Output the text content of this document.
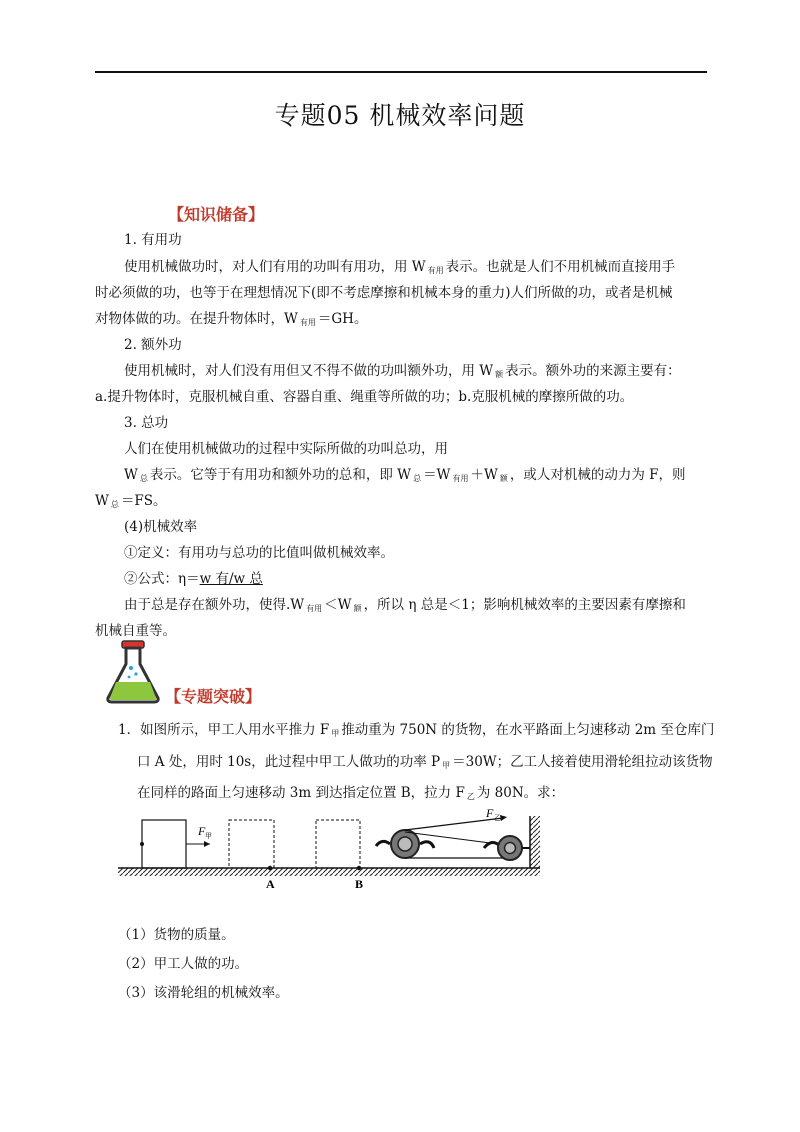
专题05 机械效率问题
【知识储备】
1. 有用功
使用机械做功时，对人们有用的功叫有用功，用 W $_{有用}$ 表示。也就是人们不用机械而直接用手
时必须做的功，也等于在理想情况下(即不考虑摩擦和机械本身的重力)人们所做的功，或者是机械
对物体做的功。在提升物体时，W $_{有用}$ ＝GH。
2. 额外功
使用机械时，对人们没有用但又不得不做的功叫额外功，用 W $_额$ 表示。额外功的来源主要有：
a.提升物体时，克服机械自重、容器自重、绳重等所做的功；b.克服机械的摩擦所做的功。
3. 总功
人们在使用机械做功的过程中实际所做的功叫总功，用
W $_总$ 表示。它等于有用功和额外功的总和，即 W $_总$ ＝W $_{有用}$ ＋W $_额$ ，或人对机械的动力为 F，则
W $_总$ ＝FS。
(4)机械效率
①定义：有用功与总功的比值叫做机械效率。
②公式：η＝w 有/w 总
由于总是存在额外功，使得.W $_{有用}$ ＜W $_额$ ，所以 η 总是＜1；影响机械效率的主要因素有摩擦和
机械自重等。
【专题突破】
1．如图所示，甲工人用水平推力 F $_甲$ 推动重为 750N 的货物，在水平路面上匀速移动 2m 至仓库门
口 A 处，用时 10s，此过程中甲工人做功的功率 P $_甲$ ＝30W；乙工人接着使用滑轮组拉动该货物
在同样的路面上匀速移动 3m 到达指定位置 B，拉力 F $_乙$ 为 80N。求：
F 甲
A	B
F 乙
（1）货物的质量。
（2）甲工人做的功。
（3）该滑轮组的机械效率。
